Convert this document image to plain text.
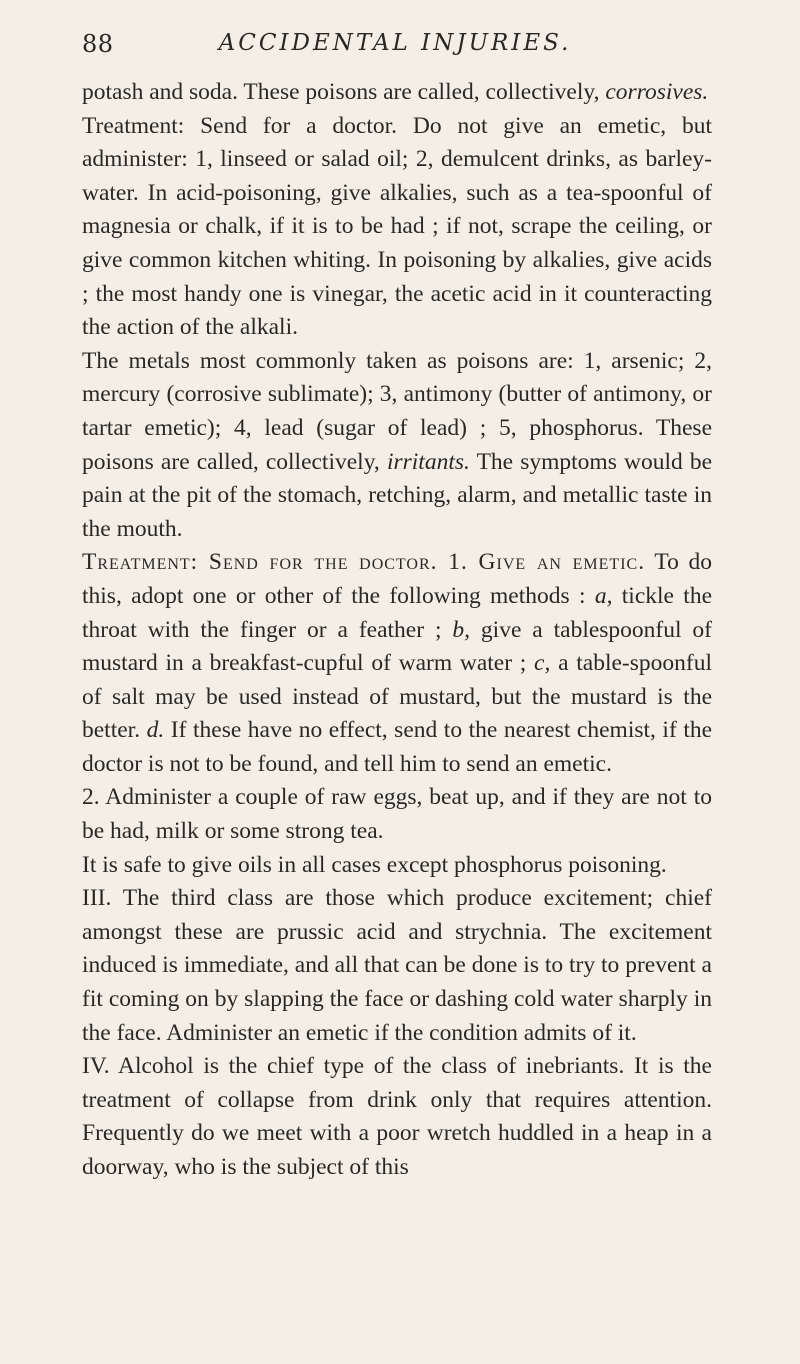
88	ACCIDENTAL INJURIES.

potash and soda. These poisons are called, collectively, corrosives.

Treatment: Send for a doctor. Do not give an emetic, but administer: 1, linseed or salad oil; 2, demulcent drinks, as barley-water. In acid-poisoning, give alkalies, such as a tea-spoonful of magnesia or chalk, if it is to be had ; if not, scrape the ceiling, or give common kitchen whiting. In poisoning by alkalies, give acids ; the most handy one is vinegar, the acetic acid in it counteracting the action of the alkali.

The metals most commonly taken as poisons are: 1, arsenic; 2, mercury (corrosive sublimate); 3, antimony (butter of antimony, or tartar emetic); 4, lead (sugar of lead) ; 5, phosphorus. These poisons are called, collectively, irritants. The symptoms would be pain at the pit of the stomach, retching, alarm, and metallic taste in the mouth.

Treatment: Send for the doctor. 1. Give an emetic. To do this, adopt one or other of the following methods : a, tickle the throat with the finger or a feather ; b, give a tablespoonful of mustard in a breakfast-cupful of warm water ; c, a table-spoonful of salt may be used instead of mustard, but the mustard is the better. d. If these have no effect, send to the nearest chemist, if the doctor is not to be found, and tell him to send an emetic.

2. Administer a couple of raw eggs, beat up, and if they are not to be had, milk or some strong tea.

It is safe to give oils in all cases except phosphorus poisoning.

III. The third class are those which produce excitement; chief amongst these are prussic acid and strychnia. The excitement induced is immediate, and all that can be done is to try to prevent a fit coming on by slapping the face or dashing cold water sharply in the face. Administer an emetic if the condition admits of it.

IV. Alcohol is the chief type of the class of inebriants. It is the treatment of collapse from drink only that requires attention. Frequently do we meet with a poor wretch huddled in a heap in a doorway, who is the subject of this
